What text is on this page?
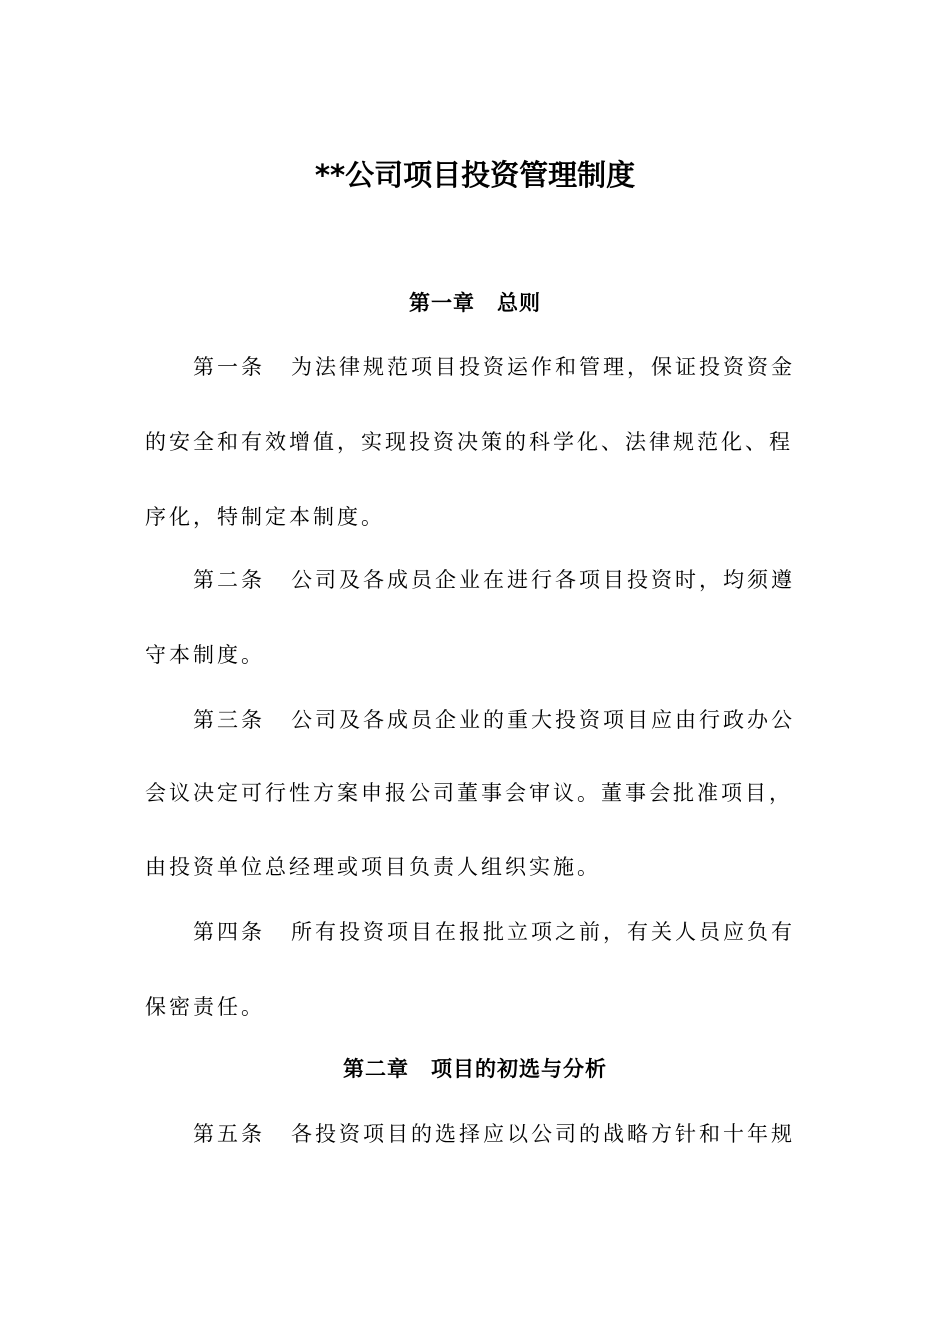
**公司项目投资管理制度
第一章　总则

第一条 为法律规范项目投资运作和管理，保证投资资金

的安全和有效增值，实现投资决策的科学化、法律规范化、程

序化，特制定本制度。

第二条 公司及各成员企业在进行各项目投资时，均须遵

守本制度。

第三条 公司及各成员企业的重大投资项目应由行政办公

会议决定可行性方案申报公司董事会审议。董事会批准项目，

由投资单位总经理或项目负责人组织实施。

第四条 所有投资项目在报批立项之前，有关人员应负有

保密责任。

第二章　项目的初选与分析

第五条 各投资项目的选择应以公司的战略方针和十年规
